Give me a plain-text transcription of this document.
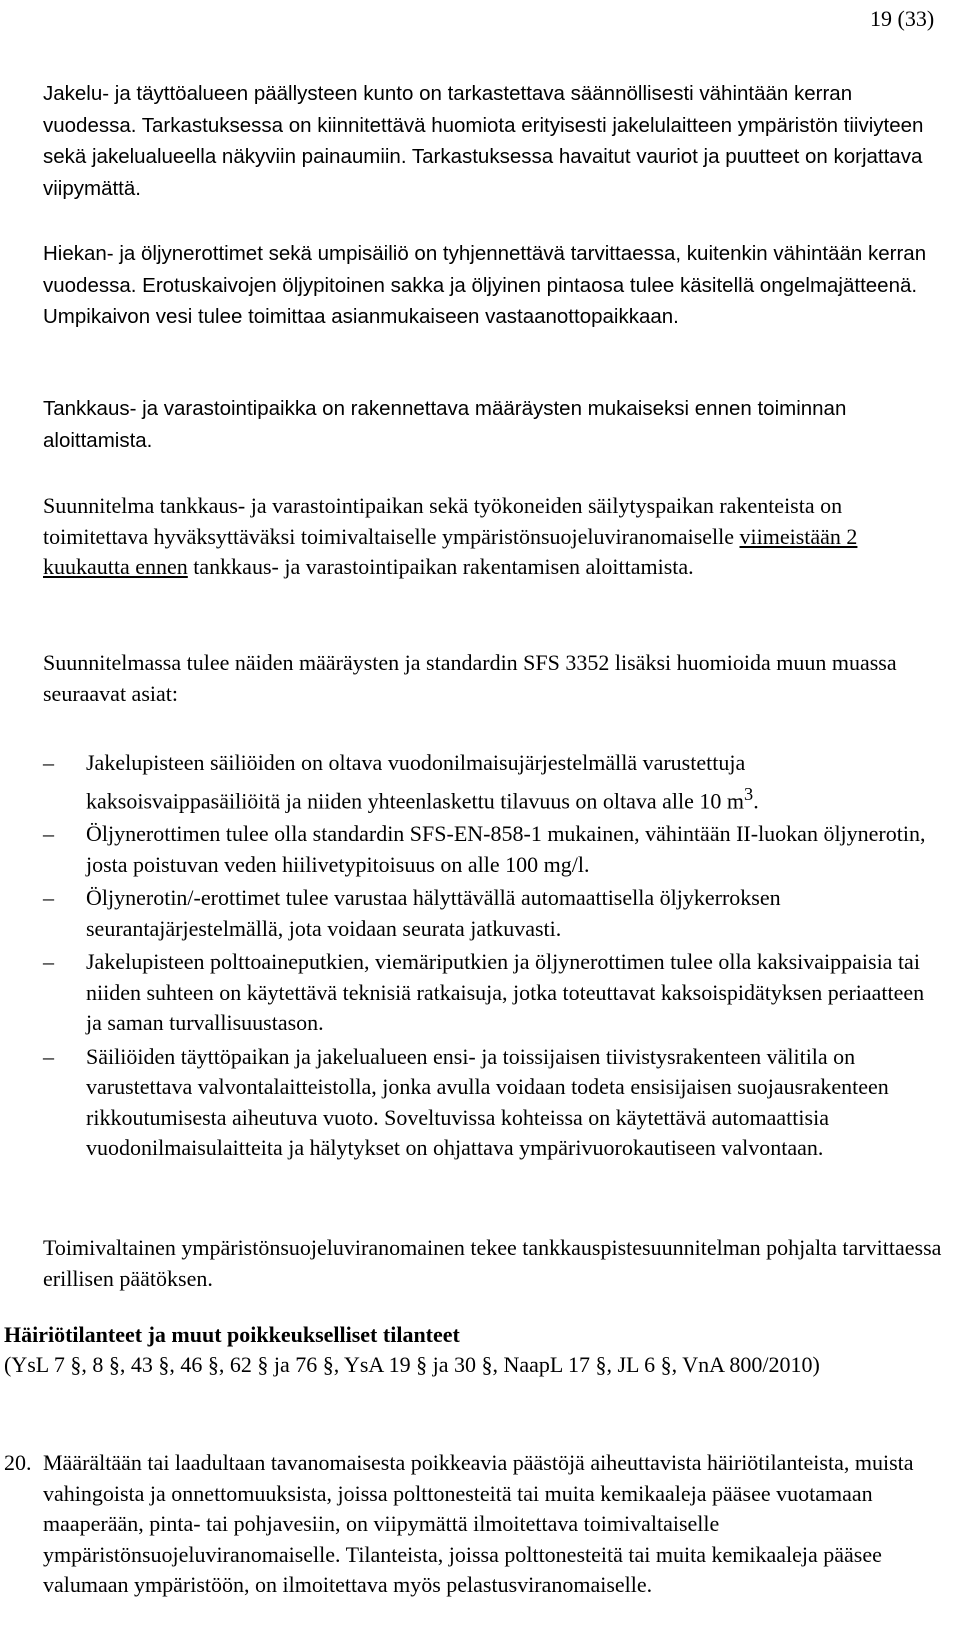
19 (33)

Jakelu- ja täyttöalueen päällysteen kunto on tarkastettava säännöllisesti vähintään kerran vuodessa. Tarkastuksessa on kiinnitettävä huomiota erityisesti jakelulaitteen ympäristön tiiviyteen sekä jakelualueella näkyviin painaumiin. Tarkastuksessa havaitut vauriot ja puutteet on korjattava viipymättä.

Hiekan- ja öljynerottimet sekä umpisäiliö on tyhjennettävä tarvittaessa, kuitenkin vähintään kerran vuodessa. Erotuskaivojen öljypitoinen sakka ja öljyinen pintaosa tulee käsitellä ongelmajätteenä. Umpikaivon vesi tulee toimittaa asianmukaiseen vastaanottopaikkaan.

Tankkaus- ja varastointipaikka on rakennettava määräysten mukaiseksi ennen toiminnan aloittamista.

Suunnitelma tankkaus- ja varastointipaikan sekä työkoneiden säilytyspaikan rakenteista on toimitettava hyväksyttäväksi toimivaltaiselle ympäristönsuojeluviranomaiselle viimeistään 2 kuukautta ennen tankkaus- ja varastointipaikan rakentamisen aloittamista.

Suunnitelmassa tulee näiden määräysten ja standardin SFS 3352 lisäksi huomioida muun muassa seuraavat asiat:

– Jakelupisteen säiliöiden on oltava vuodonilmaisujärjestelmällä varustettuja kaksoisvaippasäiliöitä ja niiden yhteenlaskettu tilavuus on oltava alle 10 $m^3$.
– Öljynerottimen tulee olla standardin SFS-EN-858-1 mukainen, vähintään II-luokan öljynerotin, josta poistuvan veden hiilivetypitoisuus on alle 100 mg/l.
– Öljynerotin/-erottimet tulee varustaa hälyttävällä automaattisella öljykerroksen seurantajärjestelmällä, jota voidaan seurata jatkuvasti.
– Jakelupisteen polttoaineputkien, viemäriputkien ja öljynerottimen tulee olla kaksivaippaisia tai niiden suhteen on käytettävä teknisiä ratkaisuja, jotka toteuttavat kaksoispidätyksen periaatteen ja saman turvallisuustason.
– Säiliöiden täyttöpaikan ja jakelualueen ensi- ja toissijaisen tiivistysrakenteen välitila on varustettava valvontalaitteistolla, jonka avulla voidaan todeta ensisijaisen suojausrakenteen rikkoutumisesta aiheutuva vuoto. Soveltuvissa kohteissa on käytettävä automaattisia vuodonilmaisulaitteita ja hälytykset on ohjattava ympärivuorokautiseen valvontaan.

Toimivaltainen ympäristönsuojeluviranomainen tekee tankkauspistesuunnitelman pohjalta tarvittaessa erillisen päätöksen.

Häiriötilanteet ja muut poikkeukselliset tilanteet
(YsL 7 §, 8 §, 43 §, 46 §, 62 § ja 76 §, YsA 19 § ja 30 §, NaapL 17 §, JL 6 §, VnA 800/2010)
20. Määrältään tai laadultaan tavanomaisesta poikkeavia päästöjä aiheuttavista häiriötilanteista, muista vahingoista ja onnettomuuksista, joissa polttonesteitä tai muita kemikaaleja pääsee vuotamaan maaperään, pinta- tai pohjavesiin, on viipymättä ilmoitettava toimivaltaiselle ympäristönsuojeluviranomaiselle. Tilanteista, joissa polttonesteitä tai muita kemikaaleja pääsee valumaan ympäristöön, on ilmoitettava myös pelastusviranomaiselle.
